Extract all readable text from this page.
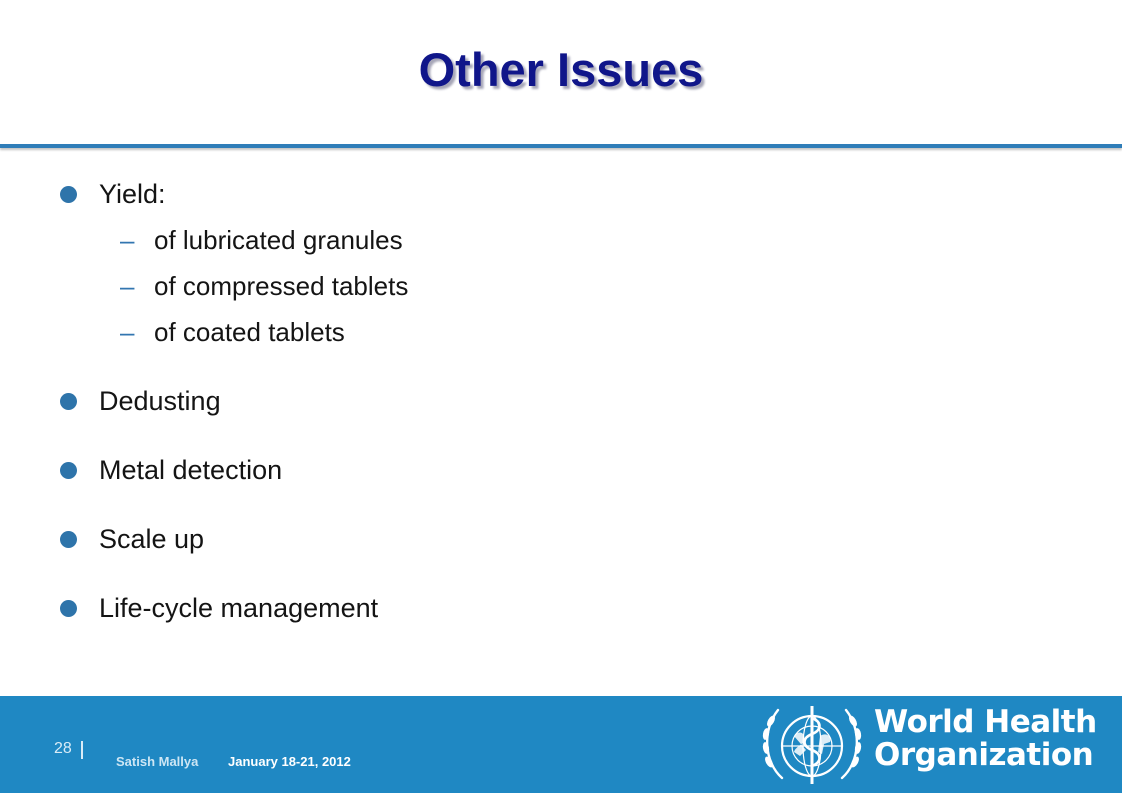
Other Issues
Yield:
– of lubricated granules
– of compressed tablets
– of coated tablets
Dedusting
Metal detection
Scale up
Life-cycle management
28
Satish Mallya January 18-21, 2012
World Health
Organization
